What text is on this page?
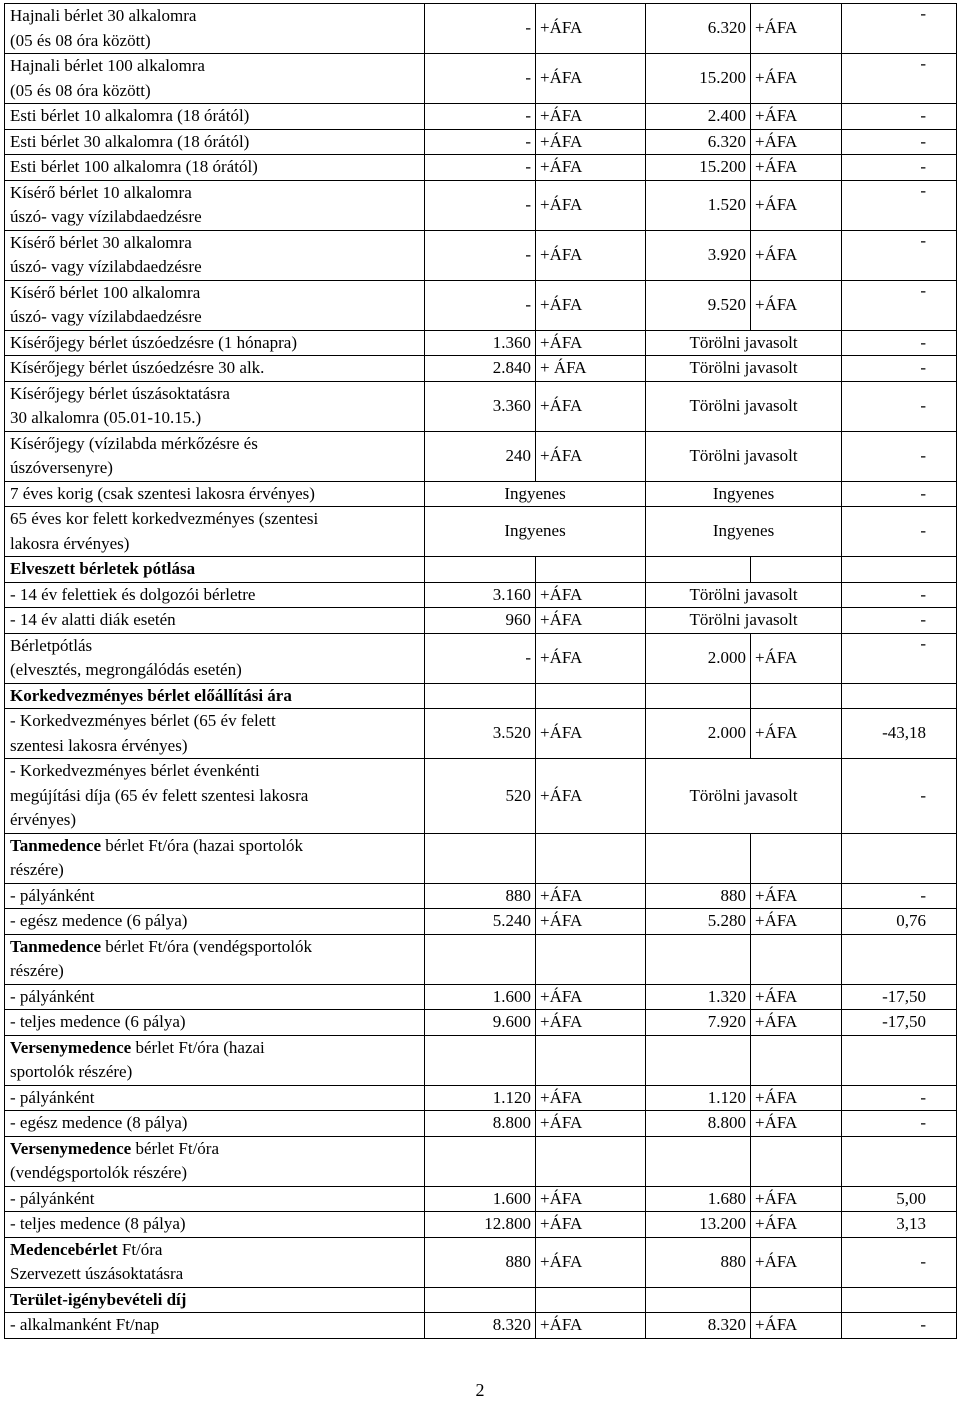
Hajnali bérlet 30 alkalomra
(05 és 08 óra között)	-	+ÁFA	6.320	+ÁFA	-
Hajnali bérlet 100 alkalomra
(05 és 08 óra között)	-	+ÁFA	15.200	+ÁFA	-
Esti bérlet 10 alkalomra (18 órától)	-	+ÁFA	2.400	+ÁFA	-
Esti bérlet 30 alkalomra (18 órától)	-	+ÁFA	6.320	+ÁFA	-
Esti bérlet 100 alkalomra (18 órától)	-	+ÁFA	15.200	+ÁFA	-
Kísérő bérlet 10 alkalomra
úszó- vagy vízilabdaedzésre	-	+ÁFA	1.520	+ÁFA	-
Kísérő bérlet 30 alkalomra
úszó- vagy vízilabdaedzésre	-	+ÁFA	3.920	+ÁFA	-
Kísérő bérlet 100 alkalomra
úszó- vagy vízilabdaedzésre	-	+ÁFA	9.520	+ÁFA	-
Kísérőjegy bérlet úszóedzésre (1 hónapra)	1.360	+ÁFA	Törölni javasolt		-
Kísérőjegy bérlet úszóedzésre 30 alk.	2.840	+ ÁFA	Törölni javasolt		-
Kísérőjegy bérlet úszásoktatásra
30 alkalomra (05.01-10.15.)	3.360	+ÁFA	Törölni javasolt		-
Kísérőjegy (vízilabda mérkőzésre és
úszóversenyre)	240	+ÁFA	Törölni javasolt		-
7 éves korig (csak szentesi lakosra érvényes)	Ingyenes		Ingyenes		-
65 éves kor felett korkedvezményes (szentesi
lakosra érvényes)	Ingyenes		Ingyenes		-
Elveszett bérletek pótlása					
- 14 év felettiek és dolgozói bérletre	3.160	+ÁFA	Törölni javasolt		-
- 14 év alatti diák esetén	960	+ÁFA	Törölni javasolt		-
Bérletpótlás
(elvesztés, megrongálódás esetén)	-	+ÁFA	2.000	+ÁFA	-
Korkedvezményes bérlet előállítási ára					
- Korkedvezményes bérlet (65 év felett
szentesi lakosra érvényes)	3.520	+ÁFA	2.000	+ÁFA	-43,18
- Korkedvezményes bérlet évenkénti
megújítási díja (65 év felett szentesi lakosra
érvényes)	520	+ÁFA	Törölni javasolt		-
Tanmedence bérlet Ft/óra (hazai sportolók
részére)					
- pályánként	880	+ÁFA	880	+ÁFA	-
- egész medence (6 pálya)	5.240	+ÁFA	5.280	+ÁFA	0,76
Tanmedence bérlet Ft/óra (vendégsportolók
részére)					
- pályánként	1.600	+ÁFA	1.320	+ÁFA	-17,50
- teljes medence (6 pálya)	9.600	+ÁFA	7.920	+ÁFA	-17,50
Versenymedence bérlet Ft/óra (hazai
sportolók részére)					
- pályánként	1.120	+ÁFA	1.120	+ÁFA	-
- egész medence (8 pálya)	8.800	+ÁFA	8.800	+ÁFA	-
Versenymedence bérlet Ft/óra
(vendégsportolók részére)					
- pályánként	1.600	+ÁFA	1.680	+ÁFA	5,00
- teljes medence (8 pálya)	12.800	+ÁFA	13.200	+ÁFA	3,13
Medencebérlet Ft/óra
Szervezett úszásoktatásra	880	+ÁFA	880	+ÁFA	-
Terület-igénybevételi díj					
- alkalmanként Ft/nap	8.320	+ÁFA	8.320	+ÁFA	-
2
